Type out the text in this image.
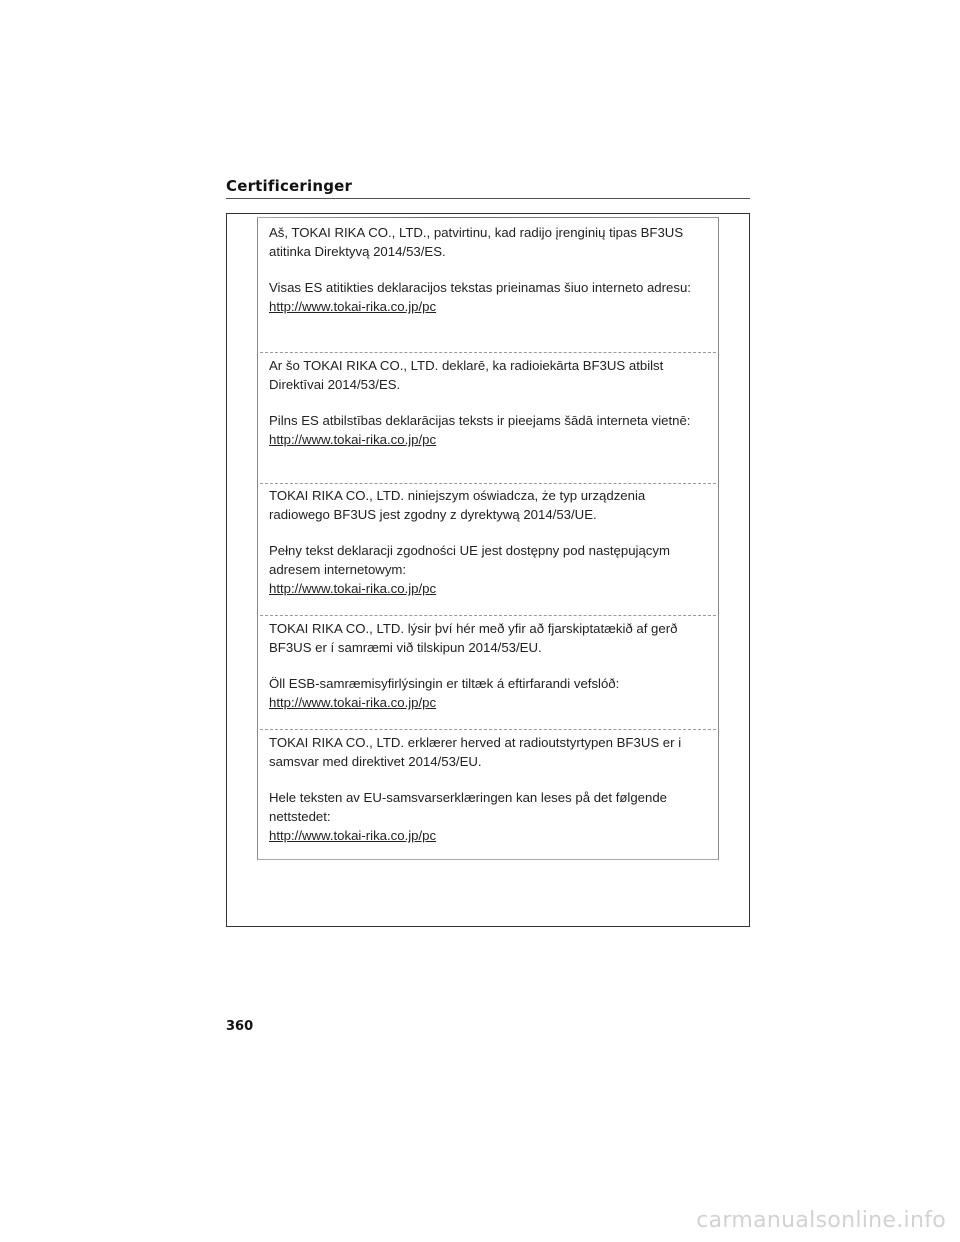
Certificeringer

Aš, TOKAI RIKA CO., LTD., patvirtinu, kad radijo įrenginių tipas BF3US atitinka Direktyvą 2014/53/ES.

Visas ES atitikties deklaracijos tekstas prieinamas šiuo interneto adresu:

http://www.tokai-rika.co.jp/pc

Ar šo TOKAI RIKA CO., LTD. deklarē, ka radioiekārta BF3US atbilst Direktīvai 2014/53/ES.

Pilns ES atbilstības deklarācijas teksts ir pieejams šādā interneta vietnē:

http://www.tokai-rika.co.jp/pc

TOKAI RIKA CO., LTD. niniejszym oświadcza, że typ urządzenia radiowego BF3US jest zgodny z dyrektywą 2014/53/UE.

Pełny tekst deklaracji zgodności UE jest dostępny pod następującym adresem internetowym:

http://www.tokai-rika.co.jp/pc

TOKAI RIKA CO., LTD. lýsir því hér með yfir að fjarskiptatækið af gerð BF3US er í samræmi við tilskipun 2014/53/EU.

Öll ESB-samræmisyfirlýsingin er tiltæk á eftirfarandi vefslóð:

http://www.tokai-rika.co.jp/pc

TOKAI RIKA CO., LTD. erklærer herved at radioutstyrtypen BF3US er i samsvar med direktivet 2014/53/EU.

Hele teksten av EU-samsvarserklæringen kan leses på det følgende nettstedet:

http://www.tokai-rika.co.jp/pc

360
carmanualsonline.info
